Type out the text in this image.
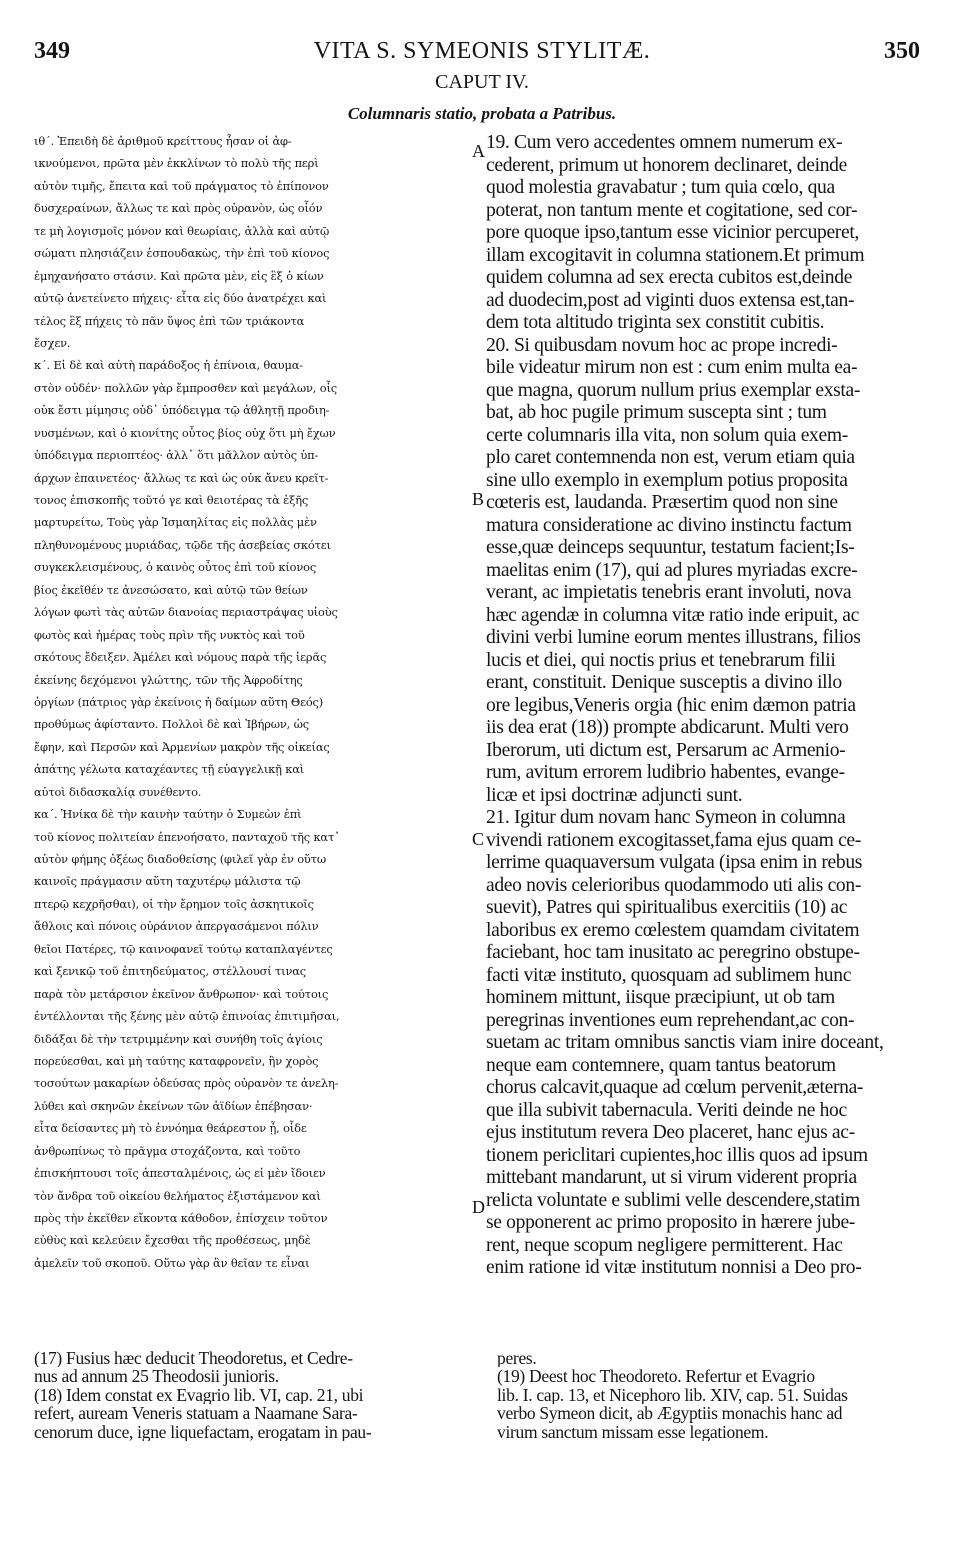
349	VITA S. SYMEONIS STYLITÆ.	350
CAPUT IV.
Columnaris statio, probata a Patribus.
ιθ΄. Ἐπειδὴ δὲ ἀριθμοῦ κρείττους ἦσαν οἱ ἀφ-
ικνούμενοι, πρῶτα μὲν ἐκκλίνων τὸ πολὺ τῆς περὶ
αὐτὸν τιμῆς, ἔπειτα καὶ τοῦ πράγματος τὸ ἐπίπονον
δυσχεραίνων, ἄλλως τε καὶ πρὸς οὐρανὸν, ὡς οἷόν
τε μὴ λογισμοῖς μόνον καὶ θεωρίαις, ἀλλὰ καὶ αὐτῷ
σώματι πλησιάζειν ἐσπουδακὼς, τὴν ἐπὶ τοῦ κίονος
ἐμηχανήσατο στάσιν. Καὶ πρῶτα μὲν, εἰς ἓξ ὁ κίων
αὐτῷ ἀνετείνετο πήχεις· εἶτα εἰς δύο ἀνατρέχει καὶ
τέλος ἓξ πήχεις τὸ πᾶν ὕψος ἐπὶ τῶν τριάκοντα
ἔσχεν.
κ΄. Εἰ δὲ καὶ αὐτὴ παράδοξος ἡ ἐπίνοια, θαυμα-
στὸν οὐδέν· πολλῶν γὰρ ἔμπροσθεν καὶ μεγάλων, οἷς
οὐκ ἔστι μίμησις οὐδ᾽ ὑπόδειγμα τῷ ἀθλητῇ προδιη-
νυσμένων, καὶ ὁ κιονίτης οὗτος βίος οὐχ ὅτι μὴ ἔχων
ὑπόδειγμα περιοπτέος· ἀλλ᾽ ὅτι μᾶλλον αὐτὸς ὑπ-
άρχων ἐπαινετέος· ἄλλως τε καὶ ὡς οὐκ ἄνευ κρεῖτ-
τονος ἐπισκοπῆς τοῦτό γε καὶ θειοτέρας τὰ ἑξῆς
μαρτυρείτω, Τοὺς γὰρ Ἰσμαηλίτας εἰς πολλὰς μὲν
πληθυνομένους μυριάδας, τῷδε τῆς ἀσεβείας σκότει
συγκεκλεισμένους, ὁ καινὸς οὗτος ἐπὶ τοῦ κίονος
βίος ἐκεῖθέν τε ἀνεσώσατο, καὶ αὐτῷ τῶν θείων
λόγων φωτὶ τὰς αὐτῶν διανοίας περιαστράψας υἱοὺς
φωτὸς καὶ ἡμέρας τοὺς πρὶν τῆς νυκτὸς καὶ τοῦ
σκότους ἔδειξεν. Ἀμέλει καὶ νόμους παρὰ τῆς ἱερᾶς
ἐκείνης δεχόμενοι γλώττης, τῶν τῆς Ἀφροδίτης
ὀργίων (πάτριος γὰρ ἐκείνοις ἡ δαίμων αὕτη Θεός)
προθύμως ἀφίσταντο. Πολλοὶ δὲ καὶ Ἰβήρων, ὡς
ἔφην, καὶ Περσῶν καὶ Ἀρμενίων μακρὸν τῆς οἰκείας
ἀπάτης γέλωτα καταχέαντες τῇ εὐαγγελικῇ καὶ
αὐτοὶ διδασκαλίᾳ συνέθεντο.
κα΄. Ἡνίκα δὲ τὴν καινὴν ταύτην ὁ Συμεὼν ἐπὶ
τοῦ κίονος πολιτείαν ἐπενοήσατο, πανταχοῦ τῆς κατ᾽
αὐτὸν φήμης ὀξέως διαδοθείσης (φιλεῖ γὰρ ἐν οὕτω
καινοῖς πράγμασιν αὕτη ταχυτέρῳ μάλιστα τῷ
πτερῷ κεχρῆσθαι), οἱ τὴν ἔρημον τοῖς ἀσκητικοῖς
ἄθλοις καὶ πόνοις οὐράνιον ἀπεργασάμενοι πόλιν
θεῖοι Πατέρες, τῷ καινοφανεῖ τούτῳ καταπλαγέντες
καὶ ξενικῷ τοῦ ἐπιτηδεύματος, στέλλουσί τινας
παρὰ τὸν μετάρσιον ἐκεῖνον ἄνθρωπον· καὶ τούτοις
ἐντέλλονται τῆς ξένης μὲν αὐτῷ ἐπινοίας ἐπιτιμῆσαι,
διδάξαι δὲ τὴν τετριμμένην καὶ συνήθη τοῖς ἁγίοις
πορεύεσθαι, καὶ μὴ ταύτης καταφρονεῖν, ἣν χορὸς
τοσούτων μακαρίων ὁδεύσας πρὸς οὐρανὸν τε ἀνελη-
λύθει καὶ σκηνῶν ἐκείνων τῶν ἀϊδίων ἐπέβησαν·
εἶτα δείσαντες μὴ τὸ ἐννόημα θεάρεστον ᾖ, οἷδε
ἀνθρωπίνως τὸ πρᾶγμα στοχάζοντα, καὶ τοῦτο
ἐπισκήπτουσι τοῖς ἀπεσταλμένοις, ὡς εἰ μὲν ἴδοιεν
τὸν ἄνδρα τοῦ οἰκείου θελήματος ἐξιστάμενον καὶ
πρὸς τὴν ἐκεῖθεν εἴκοντα κάθοδον, ἐπίσχειν τοῦτον
εὐθὺς καὶ κελεύειν ἔχεσθαι τῆς προθέσεως, μηδὲ
ἀμελεῖν τοῦ σκοποῦ. Οὕτω γὰρ ἂν θεῖαν τε εἶναι
19. Cum vero accedentes omnem numerum ex-
cederent, primum ut honorem declinaret, deinde
quod molestia gravabatur ; tum quia cœlo, qua
poterat, non tantum mente et cogitatione, sed cor-
pore quoque ipso,tantum esse vicinior percuperet,
illam excogitavit in columna stationem.Et primum
quidem columna ad sex erecta cubitos est,deinde
ad duodecim,post ad viginti duos extensa est,tan-
dem tota altitudo triginta sex constitit cubitis.
20. Si quibusdam novum hoc ac prope incredi-
bile videatur mirum non est : cum enim multa ea-
que magna, quorum nullum prius exemplar exsta-
bat, ab hoc pugile primum suscepta sint ; tum
certe columnaris illa vita, non solum quia exem-
plo caret contemnenda non est, verum etiam quia
sine ullo exemplo in exemplum potius proposita
cœteris est, laudanda. Præsertim quod non sine
matura consideratione ac divino instinctu factum
esse,quæ deinceps sequuntur, testatum facient;Is-
maelitas enim (17), qui ad plures myriadas excre-
verant, ac impietatis tenebris erant involuti, nova
hæc agendæ in columna vitæ ratio inde eripuit, ac
divini verbi lumine eorum mentes illustrans, filios
lucis et diei, qui noctis prius et tenebrarum filii
erant, constituit. Denique susceptis a divino illo
ore legibus,Veneris orgia (hic enim dæmon patria
iis dea erat (18)) prompte abdicarunt. Multi vero
Iberorum, uti dictum est, Persarum ac Armenio-
rum, avitum errorem ludibrio habentes, evange-
licæ et ipsi doctrinæ adjuncti sunt.
21. Igitur dum novam hanc Symeon in columna
vivendi rationem excogitasset,fama ejus quam ce-
lerrime quaquaversum vulgata (ipsa enim in rebus
adeo novis celerioribus quodammodo uti alis con-
suevit), Patres qui spiritualibus exercitiis (10) ac
laboribus ex eremo cœlestem quamdam civitatem
faciebant, hoc tam inusitato ac peregrino obstupe-
facti vitæ instituto, quosquam ad sublimem hunc
hominem mittunt, iisque præcipiunt, ut ob tam
peregrinas inventiones eum reprehendant,ac con-
suetam ac tritam omnibus sanctis viam inire doceant,
neque eam contemnere, quam tantus beatorum
chorus calcavit,quaque ad cœlum pervenit,æterna-
que illa subivit tabernacula. Veriti deinde ne hoc
ejus institutum revera Deo placeret, hanc ejus ac-
tionem periclitari cupientes,hoc illis quos ad ipsum
mittebant mandarunt, ut si virum viderent propria
relicta voluntate e sublimi velle descendere,statim
se opponerent ac primo proposito in hærere jube-
rent, neque scopum negligere permitterent. Hac
enim ratione id vitæ institutum nonnisi a Deo pro-
A
B
C
D
(17) Fusius hæc deducit Theodoretus, et Cedre-
nus ad annum 25 Theodosii junioris.
(18) Idem constat ex Evagrio lib. VI, cap. 21, ubi
refert, auream Veneris statuam a Naamane Sara-
cenorum duce, igne liquefactam, erogatam in pau-
peres.
(19) Deest hoc Theodoreto. Refertur et Evagrio
lib. I. cap. 13, et Nicephoro lib. XIV, cap. 51. Suidas
verbo Symeon dicit, ab Ægyptiis monachis hanc ad
virum sanctum missam esse legationem.
